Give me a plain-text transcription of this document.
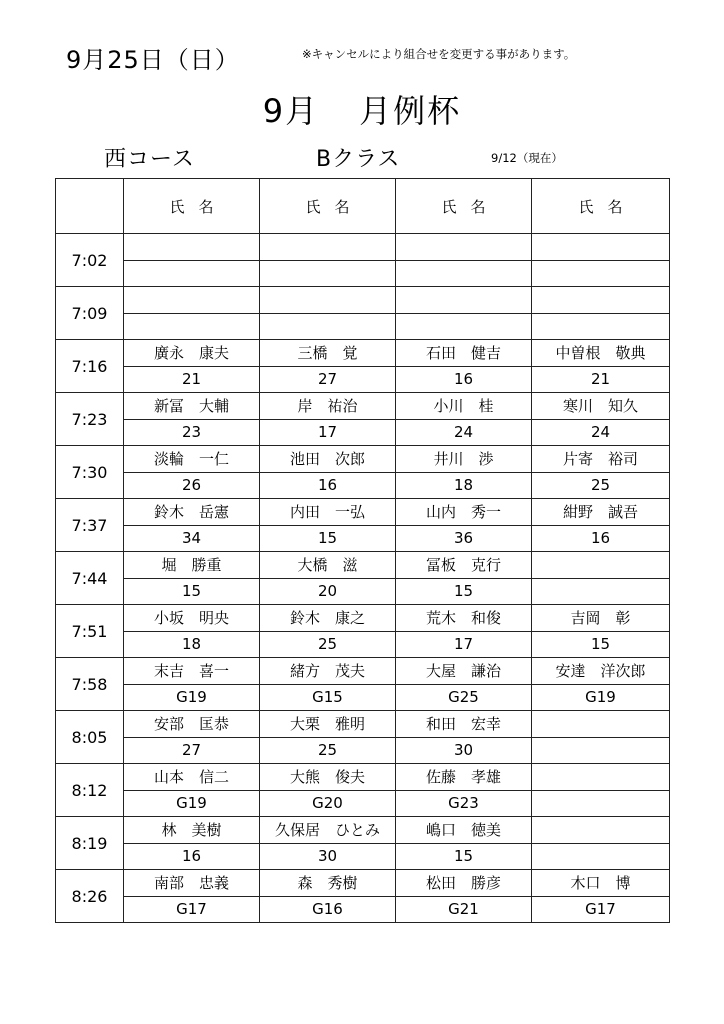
9月25日（日）	※キャンセルにより組合せを変更する事があります。
9月 月例杯
西コース	Bクラス	9/12（現在）
	氏名	氏名	氏名	氏名
7:02				

7:09				

7:16	廣永　康夫	三橋　覚	石田　健吉	中曽根　敬典
	21	27	16	21
7:23	新冨　大輔	岸　祐治	小川　桂	寒川　知久
	23	17	24	24
7:30	淡輪　一仁	池田　次郎	井川　渉	片寄　裕司
	26	16	18	25
7:37	鈴木　岳憲	内田　一弘	山内　秀一	紺野　誠吾
	34	15	36	16
7:44	堀　勝重	大橋　滋	冨板　克行	
	15	20	15	
7:51	小坂　明央	鈴木　康之	荒木　和俊	吉岡　彰
	18	25	17	15
7:58	末吉　喜一	緒方　茂夫	大屋　謙治	安達　洋次郎
	G19	G15	G25	G19
8:05	安部　匡恭	大栗　雅明	和田　宏幸	
	27	25	30	
8:12	山本　信二	大熊　俊夫	佐藤　孝雄	
	G19	G20	G23	
8:19	林　美樹	久保居　ひとみ	嶋口　徳美	
	16	30	15	
8:26	南部　忠義	森　秀樹	松田　勝彦	木口　博
	G17	G16	G21	G17
